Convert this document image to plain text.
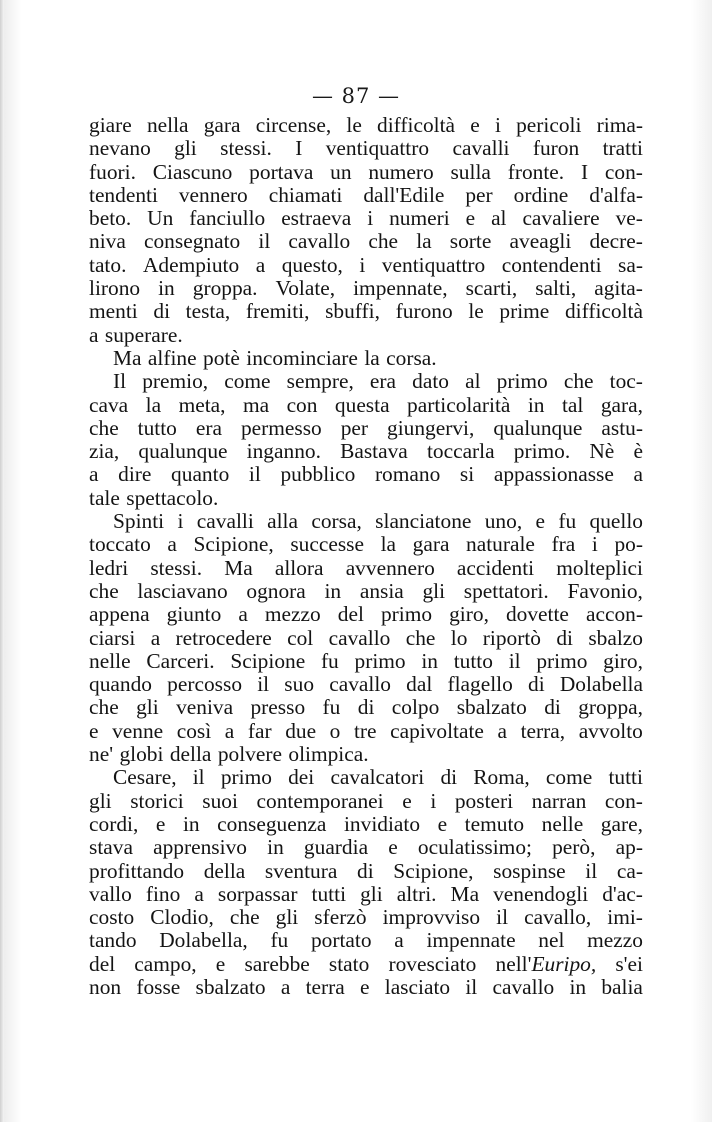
— 87 —
giare nella gara circense, le difficoltà e i pericoli rima-
nevano gli stessi. I ventiquattro cavalli furon tratti
fuori. Ciascuno portava un numero sulla fronte. I con-
tendenti vennero chiamati dall'Edile per ordine d'alfa-
beto. Un fanciullo estraeva i numeri e al cavaliere ve-
niva consegnato il cavallo che la sorte aveagli decre-
tato. Adempiuto a questo, i ventiquattro contendenti sa-
lirono in groppa. Volate, impennate, scarti, salti, agita-
menti di testa, fremiti, sbuffi, furono le prime difficoltà
a superare.
Ma alfine potè incominciare la corsa.
Il premio, come sempre, era dato al primo che toc-
cava la meta, ma con questa particolarità in tal gara,
che tutto era permesso per giungervi, qualunque astu-
zia, qualunque inganno. Bastava toccarla primo. Nè è
a dire quanto il pubblico romano si appassionasse a
tale spettacolo.
Spinti i cavalli alla corsa, slanciatone uno, e fu quello
toccato a Scipione, successe la gara naturale fra i po-
ledri stessi. Ma allora avvennero accidenti molteplici
che lasciavano ognora in ansia gli spettatori. Favonio,
appena giunto a mezzo del primo giro, dovette accon-
ciarsi a retrocedere col cavallo che lo riportò di sbalzo
nelle Carceri. Scipione fu primo in tutto il primo giro,
quando percosso il suo cavallo dal flagello di Dolabella
che gli veniva presso fu di colpo sbalzato di groppa,
e venne così a far due o tre capivoltate a terra, avvolto
ne' globi della polvere olimpica.
Cesare, il primo dei cavalcatori di Roma, come tutti
gli storici suoi contemporanei e i posteri narran con-
cordi, e in conseguenza invidiato e temuto nelle gare,
stava apprensivo in guardia e oculatissimo; però, ap-
profittando della sventura di Scipione, sospinse il ca-
vallo fino a sorpassar tutti gli altri. Ma venendogli d'ac-
costo Clodio, che gli sferzò improvviso il cavallo, imi-
tando Dolabella, fu portato a impennate nel mezzo
del campo, e sarebbe stato rovesciato nell'Euripo, s'ei
non fosse sbalzato a terra e lasciato il cavallo in balia
